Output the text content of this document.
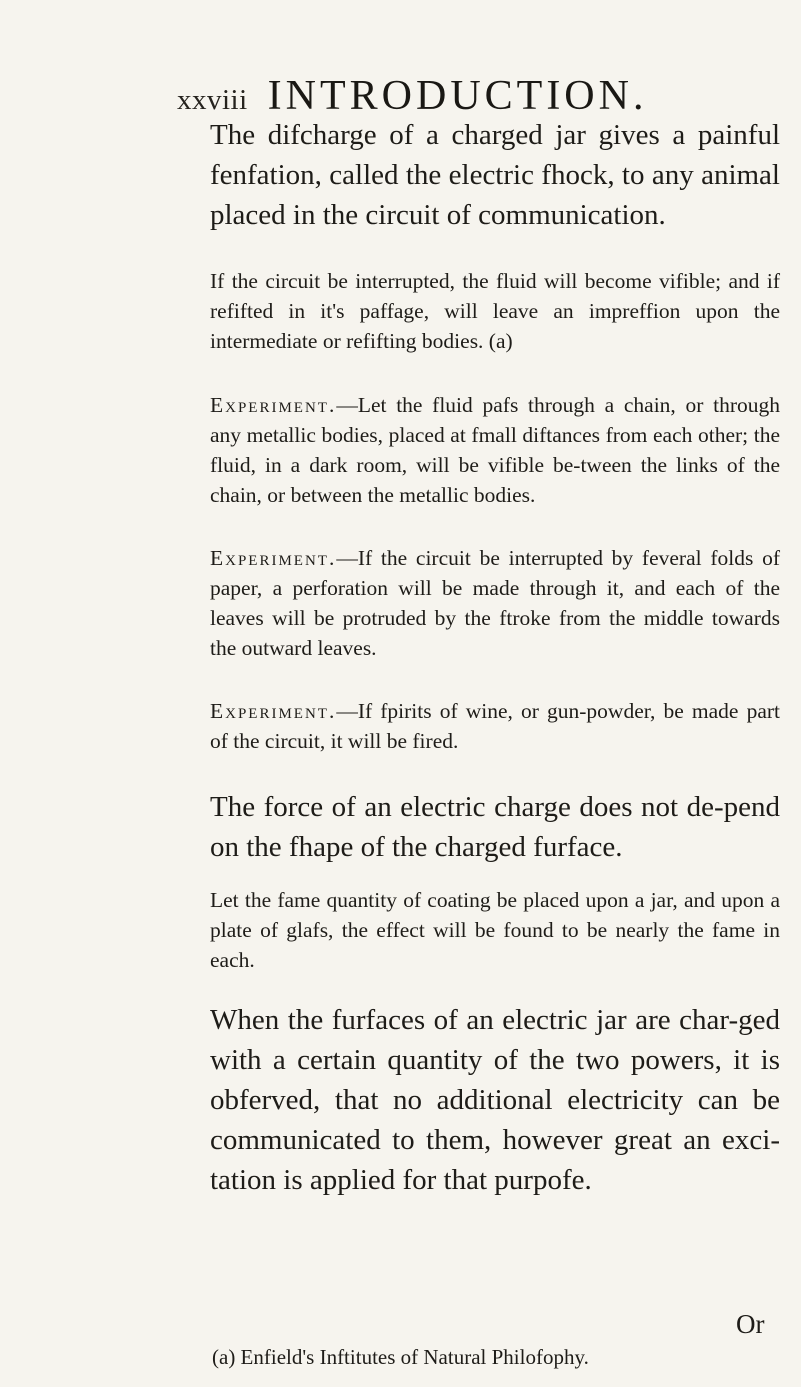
xxviii INTRODUCTION.
The difcharge of a charged jar gives a painful fenfation, called the electric fhock, to any animal placed in the circuit of communication.
If the circuit be interrupted, the fluid will become vifible; and if refifted in it's paffage, will leave an impreffion upon the intermediate or refifting bodies. (a)
Experiment.—Let the fluid pafs through a chain, or through any metallic bodies, placed at fmall diftances from each other; the fluid, in a dark room, will be vifible be-tween the links of the chain, or between the metallic bodies.
Experiment.—If the circuit be interrupted by feveral folds of paper, a perforation will be made through it, and each of the leaves will be protruded by the ftroke from the middle towards the outward leaves.
Experiment.—If fpirits of wine, or gun-powder, be made part of the circuit, it will be fired.
The force of an electric charge does not de-pend on the fhape of the charged furface.
Let the fame quantity of coating be placed upon a jar, and upon a plate of glafs, the effect will be found to be nearly the fame in each.
When the furfaces of an electric jar are char-ged with a certain quantity of the two powers, it is obferved, that no additional electricity can be communicated to them, however great an exci-tation is applied for that purpofe.
Or
(a) Enfield's Inftitutes of Natural Philofophy.
